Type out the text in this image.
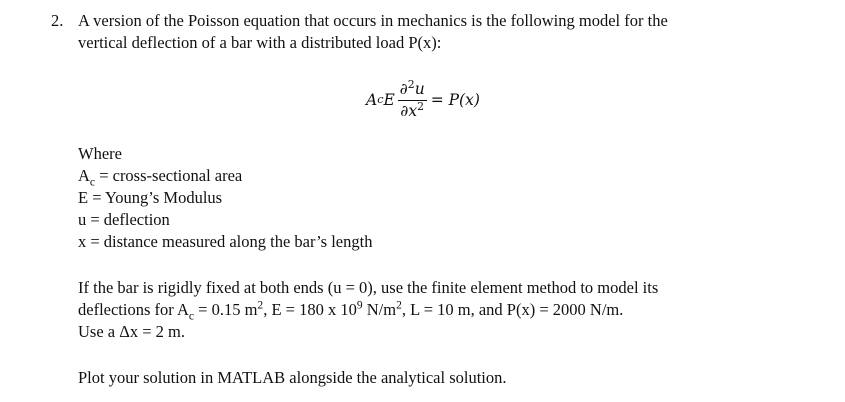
2. A version of the Poisson equation that occurs in mechanics is the following model for the
vertical deflection of a bar with a distributed load P(x):
A c E $\frac{\partial^2u}{\partial x^2} = P(x)$
Where
$A_c$ = cross-sectional area
E = Young’s Modulus
u = deflection
x = distance measured along the bar’s length
If the bar is rigidly fixed at both ends (u = 0), use the finite element method to model its
deflections for $A_c = 0.15$ $m^2$, E = 180 x $10^9$ $N/m^2$, L = 10 m, and P(x) = 2000 N/m.
Use a Δx = 2 m.
Plot your solution in MATLAB alongside the analytical solution.
